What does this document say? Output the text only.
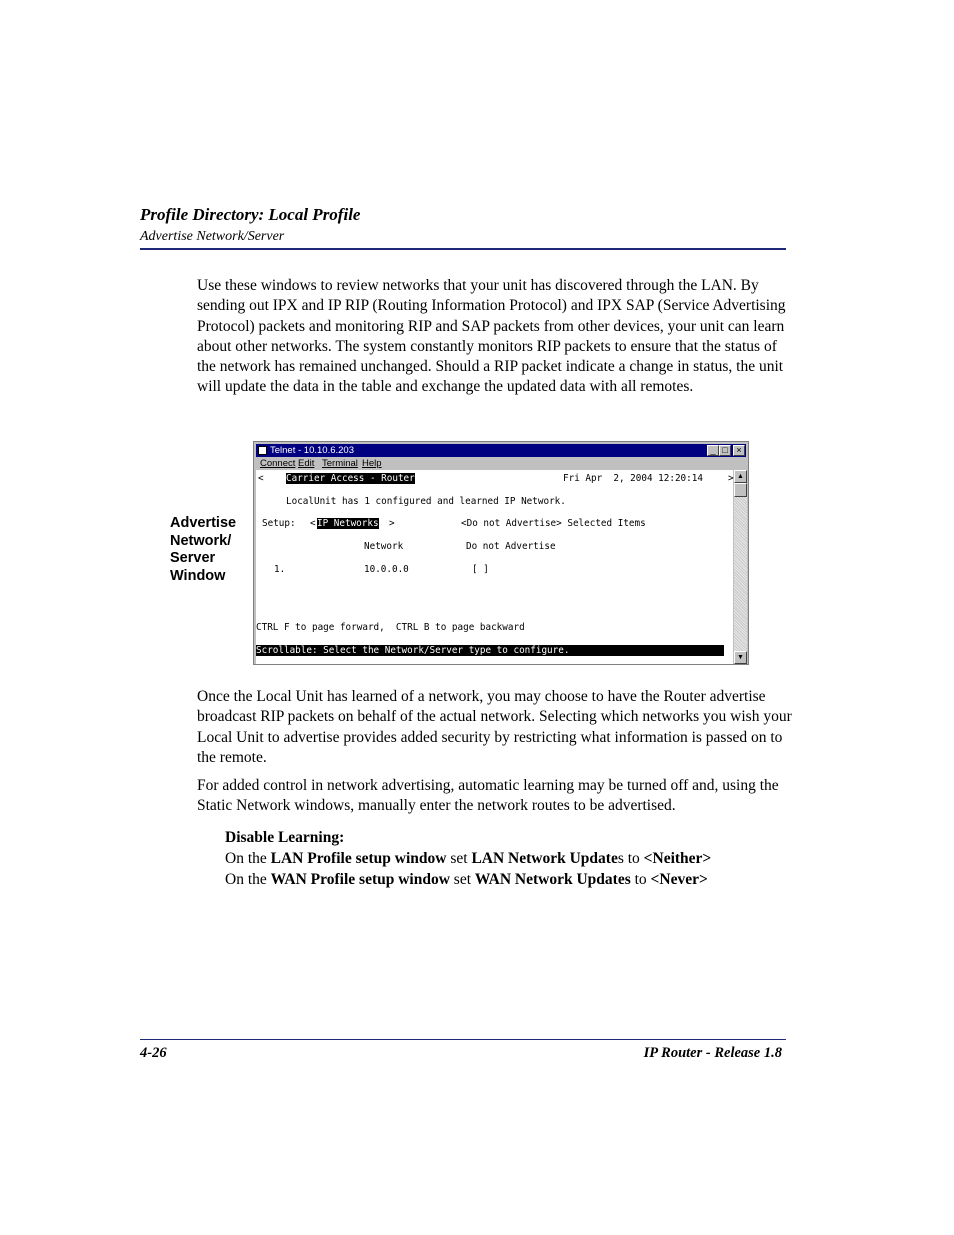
Profile Directory: Local Profile
Advertise Network/Server
Use these windows to review networks that your unit has discovered through the LAN. By sending out IPX and IP RIP (Routing Information Protocol) and IPX SAP (Service Advertising Protocol) packets and monitoring RIP and SAP packets from other devices, your unit can learn about other networks. The system constantly monitors RIP packets to ensure that the status of the network has remained unchanged. Should a RIP packet indicate a change in status, the unit will update the data in the table and exchange the updated data with all remotes.
Advertise
Network/
Server
Window
Telnet - 10.10.6.203	_ □ ×
Connect Edit Terminal Help
< Carrier Access - Router	Fri Apr  2, 2004 12:20:14	>
LocalUnit has 1 configured and learned IP Network.
Setup: < IP Networks >	<Do not Advertise> Selected Items
Network	Do not Advertise
1.	10.0.0.0	[ ]
CTRL F to page forward,  CTRL B to page backward
Scrollable: Select the Network/Server type to configure.
▲
▼
Once the Local Unit has learned of a network, you may choose to have the Router advertise broadcast RIP packets on behalf of the actual network. Selecting which networks you wish your Local Unit to advertise provides added security by restricting what information is passed on to the remote.
For added control in network advertising, automatic learning may be turned off and, using the Static Network windows, manually enter the network routes to be advertised.
Disable Learning:
On the LAN Profile setup window set LAN Network Updates to <Neither>
On the WAN Profile setup window set WAN Network Updates to <Never>
4-26	IP Router - Release 1.8
